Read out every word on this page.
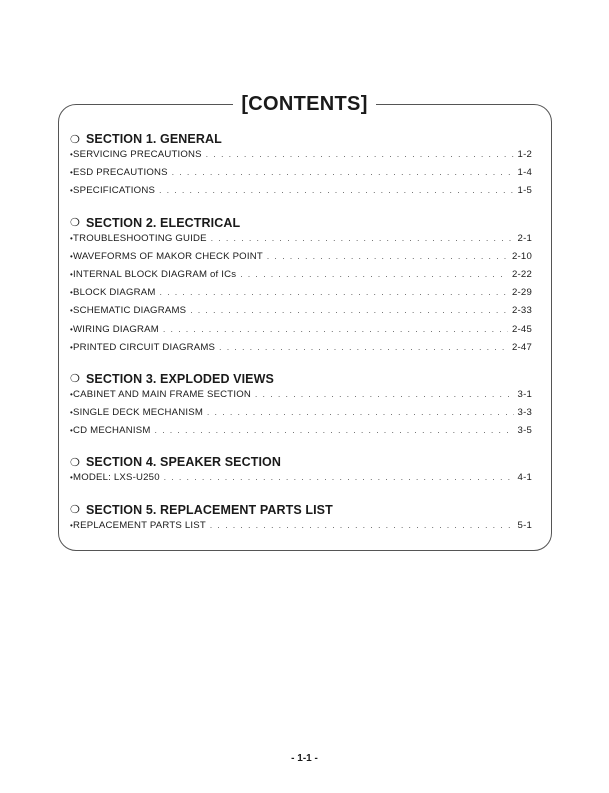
[CONTENTS]
❍ SECTION 1. GENERAL
• SERVICING PRECAUTIONS . . .	1-2
• ESD PRECAUTIONS . . .	1-4
• SPECIFICATIONS . . .	1-5
❍ SECTION 2. ELECTRICAL
• TROUBLESHOOTING GUIDE . . .	2-1
• WAVEFORMS OF MAKOR CHECK POINT . . .	2-10
• INTERNAL BLOCK DIAGRAM of ICs . . .	2-22
• BLOCK DIAGRAM . . .	2-29
• SCHEMATIC DIAGRAMS . . .	2-33
• WIRING DIAGRAM . . .	2-45
• PRINTED CIRCUIT DIAGRAMS . . .	2-47
❍ SECTION 3. EXPLODED VIEWS
• CABINET AND MAIN FRAME SECTION . . .	3-1
• SINGLE DECK MECHANISM . . .	3-3
• CD MECHANISM . . .	3-5
❍ SECTION 4. SPEAKER SECTION
• MODEL: LXS-U250 . . .	4-1
❍ SECTION 5. REPLACEMENT PARTS LIST
• REPLACEMENT PARTS LIST . . .	5-1
- 1-1 -
